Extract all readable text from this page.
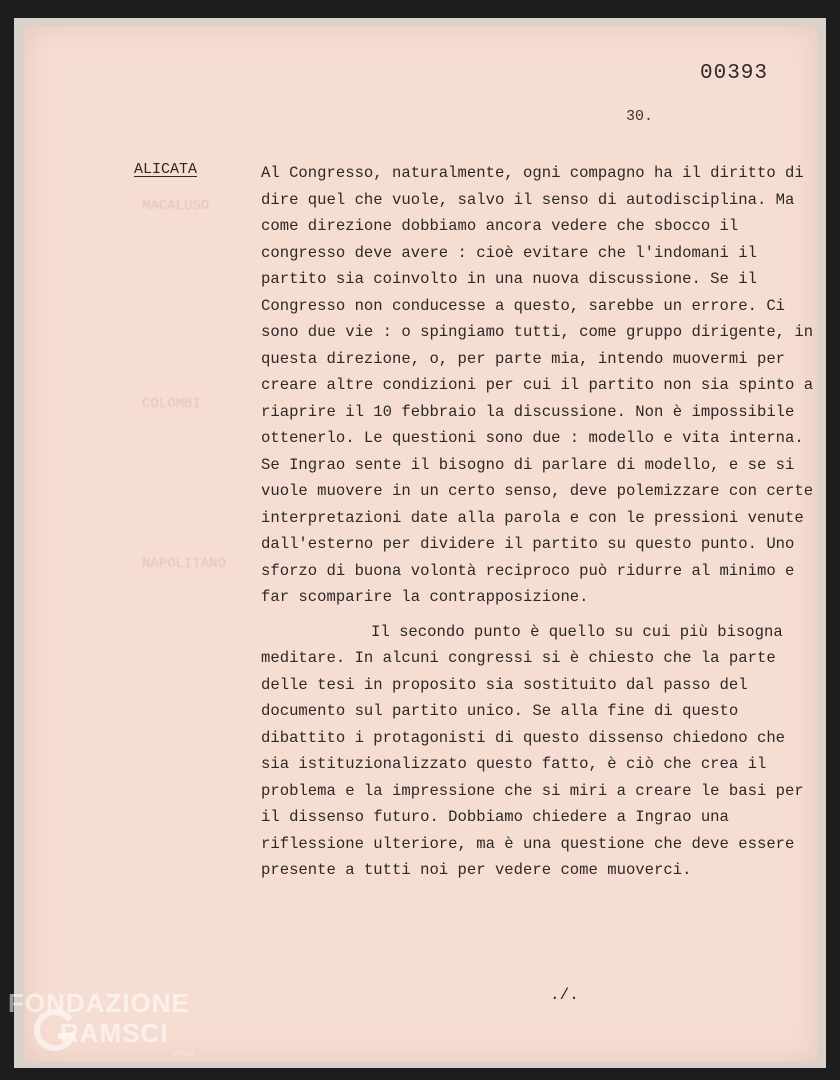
MACALUSO
COLOMBI
NAPOLITANO
00393
30.
ALICATA	Al Congresso, naturalmente, ogni compagno ha il diritto di dire quel che vuole, salvo il senso di autodisciplina. Ma come direzione dobbiamo ancora vedere che sbocco il congresso deve avere : cioè evitare che l'indomani il partito sia coinvolto in una nuova discussione. Se il Congresso non conducesse a questo, sarebbe un errore. Ci sono due vie : o spingiamo tutti, come gruppo dirigente, in questa direzione, o, per parte mia, intendo muovermi per creare altre condizioni per cui il partito non sia spinto a riaprire il 10 febbraio la discussione. Non è impossibile ottenerlo. Le questioni sono due : modello e vita interna. Se Ingrao sente il bisogno di parlare di modello, e se si vuole muovere in un certo senso, deve polemizzare con certe interpretazioni date alla parola e con le pressioni venute dall'esterno per dividere il partito su questo punto. Uno sforzo di buona volontà reciproco può ridurre al minimo e far scomparire la contrapposizione.

Il secondo punto è quello su cui più bisogna meditare. In alcuni congressi si è chiesto che la parte delle tesi in proposito sia sostituito dal passo del documento sul partito unico. Se alla fine di questo dibattito i protagonisti di questo dissenso chiedono che sia istituzionalizzato questo fatto, è ciò che crea il problema e la impressione che si miri a creare le basi per il dissenso futuro. Dobbiamo chiedere a Ingrao una riflessione ulteriore, ma è una questione che deve essere presente a tutti noi per vedere come muoverci.

./.
FONDAZIONE
RAMSCI
onlus
